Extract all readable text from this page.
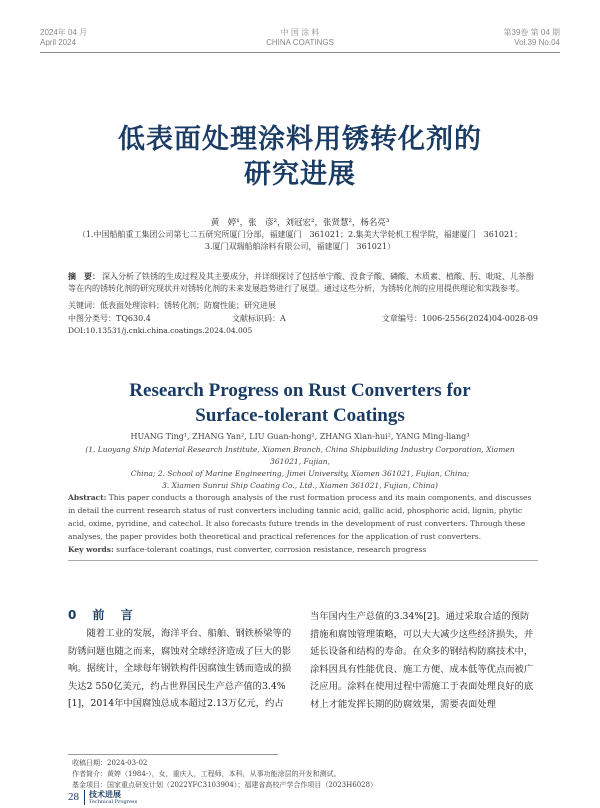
2024年 04 月
April 2024
中 国 涂 料
CHINA COATINGS
第39卷 第 04 期
Vol.39 No.04
低表面处理涂料用锈转化剂的
研究进展
黄　婷¹，张　彦²，刘冠宏²，张贤慧²，杨名亮³
（1.中国船舶重工集团公司第七二五研究所厦门分部，福建厦门　361021；2.集美大学轮机工程学院，福建厦门　361021；
3.厦门双瑞船舶涂料有限公司，福建厦门　361021）
摘　要： 深入分析了铁锈的生成过程及其主要成分，并详细探讨了包括单宁酸、没食子酸、磷酸、木质素、植酸、肟、吡啶、儿茶酚等在内的锈转化剂的研究现状并对锈转化剂的未来发展趋势进行了展望。通过这些分析，为锈转化剂的应用提供理论和实践参考。
关键词：低表面处理涂料；锈转化剂；防腐性能；研究进展
中图分类号：TQ630.4	文献标识码：A	文章编号：1006-2556(2024)04-0028-09
DOI:10.13531/j.cnki.china.coatings.2024.04.005
Research Progress on Rust Converters for
Surface-tolerant Coatings
HUANG Ting¹, ZHANG Yan², LIU Guan-hong², ZHANG Xian-hui², YANG Ming-liang³
(1. Luoyang Ship Material Research Institute, Xiamen Branch, China Shipbuilding Industry Corporation, Xiamen 361021, Fujian,
China; 2. School of Marine Engineering, Jimei University, Xiamen 361021, Fujian, China;
3. Xiamen Sunrui Ship Coating Co., Ltd., Xiamen 361021, Fujian, China)
Abstract: This paper conducts a thorough analysis of the rust formation process and its main components, and discusses in detail the current research status of rust converters including tannic acid, gallic acid, phosphoric acid, lignin, phytic acid, oxime, pyridine, and catechol. It also forecasts future trends in the development of rust converters. Through these analyses, the paper provides both theoretical and practical references for the application of rust converters.
Key words: surface-tolerant coatings, rust converter, corrosion resistance, research progress
0 前 言

随着工业的发展，海洋平台、船舶、钢铁桥梁等的防锈问题也随之而来，腐蚀对全球经济造成了巨大的影响。据统计，全球每年钢铁构件因腐蚀生锈而造成的损失达2 550亿美元，约占世界国民生产总产值的3.4%[1]，2014年中国腐蚀总成本超过2.13万亿元，约占

当年国内生产总值的3.34%[2]。通过采取合适的预防措施和腐蚀管理策略，可以大大减少这些经济损失，并延长设备和结构的寿命。在众多的钢结构防腐技术中，涂料因具有性能优良、施工方便、成本低等优点而被广泛应用。涂料在使用过程中需施工于表面处理良好的底材上才能发挥长期的防腐效果，需要表面处理

收稿日期：2024-03-02
作者简介：黄婷（1984-），女，重庆人，工程师，本科，从事功能涂层的开发和测试。
基金项目：国家重点研发计划（2022YFC3103904）；福建省高校产学合作项目（2023H6028）
28 技术进展
Technical Progress
